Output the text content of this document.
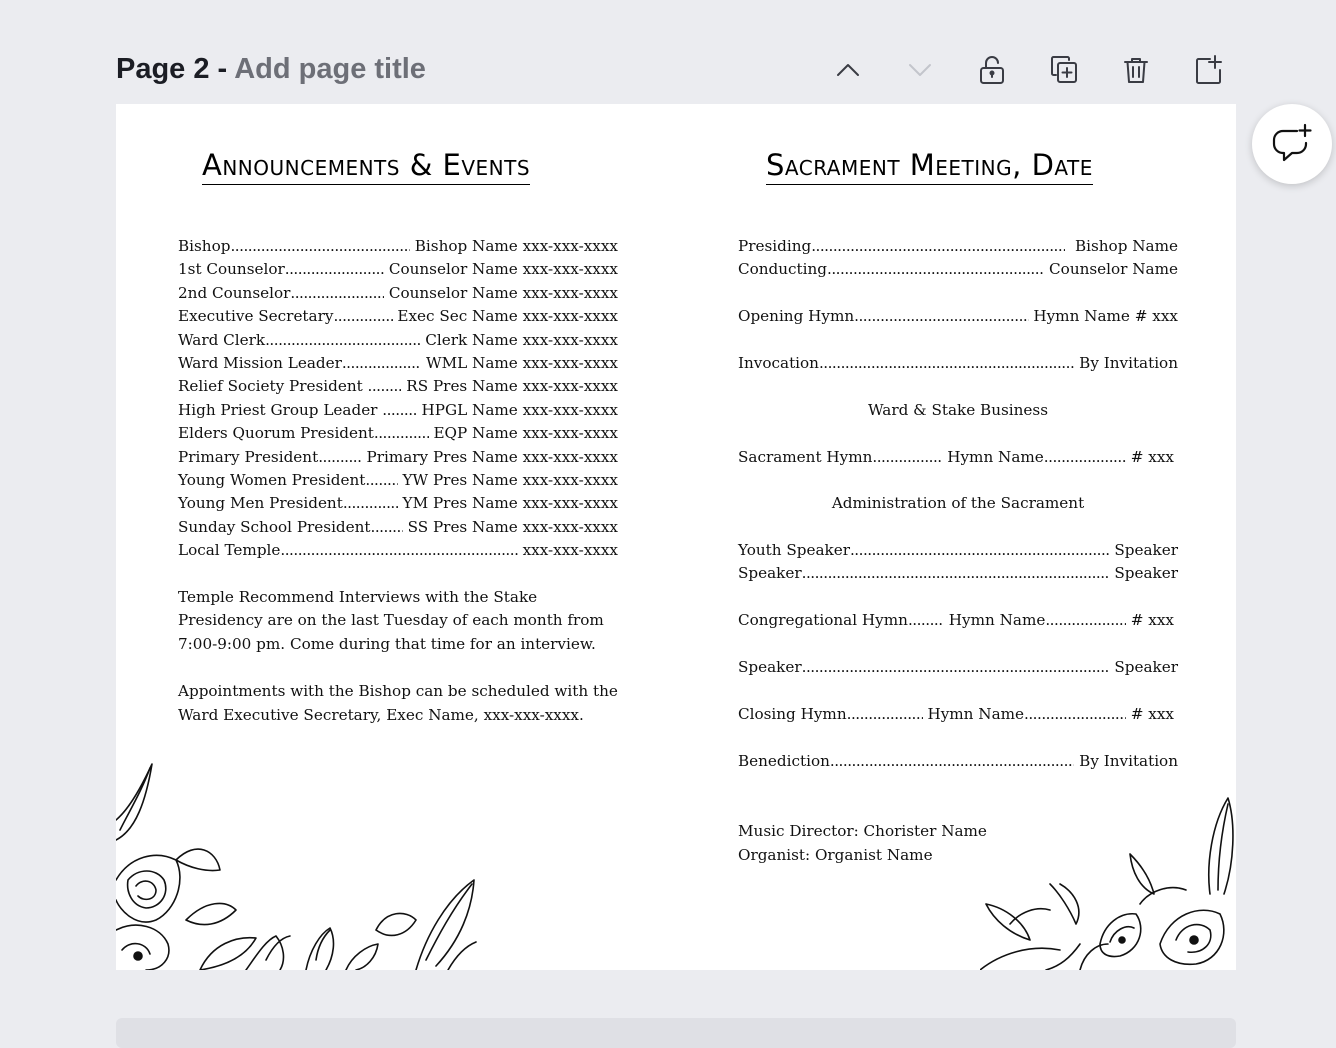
Page 2 - Add page title
Announcements & Events
Bishop .....	Bishop Name xxx-xxx-xxxx
1st Counselor .....	Counselor Name xxx-xxx-xxxx
2nd Counselor .....	Counselor Name xxx-xxx-xxxx
Executive Secretary .....	Exec Sec Name xxx-xxx-xxxx
Ward Clerk .....	Clerk Name xxx-xxx-xxxx
Ward Mission Leader .....	WML Name xxx-xxx-xxxx
Relief Society President ..... RS Pres Name xxx-xxx-xxxx
High Priest Group Leader ..... HPGL Name xxx-xxx-xxxx
Elders Quorum President .....	EQP Name xxx-xxx-xxxx
Primary President .....	Primary Pres Name xxx-xxx-xxxx
Young Women President ..... YW Pres Name xxx-xxx-xxxx
Young Men President .....	YM Pres Name xxx-xxx-xxxx
Sunday School President ..... SS Pres Name xxx-xxx-xxxx
Local Temple .....	xxx-xxx-xxxx
Temple Recommend Interviews with the Stake Presidency are on the last Tuesday of each month from 7:00-9:00 pm. Come during that time for an interview.
Appointments with the Bishop can be scheduled with the Ward Executive Secretary, Exec Name, xxx-xxx-xxxx.
Sacrament Meeting, Date
Presiding .....	Bishop Name
Conducting .....	Counselor Name
Opening Hymn .....	Hymn Name # xxx
Invocation .....	By Invitation
Ward & Stake Business
Sacrament Hymn .....	Hymn Name .....	# xxx
Administration of the Sacrament
Youth Speaker .....	Speaker
Speaker .....	Speaker
Congregational Hymn ..... Hymn Name .....	# xxx
Speaker .....	Speaker
Closing Hymn .....	Hymn Name .....	# xxx
Benediction .....	By Invitation
Music Director: Chorister Name
Organist: Organist Name
